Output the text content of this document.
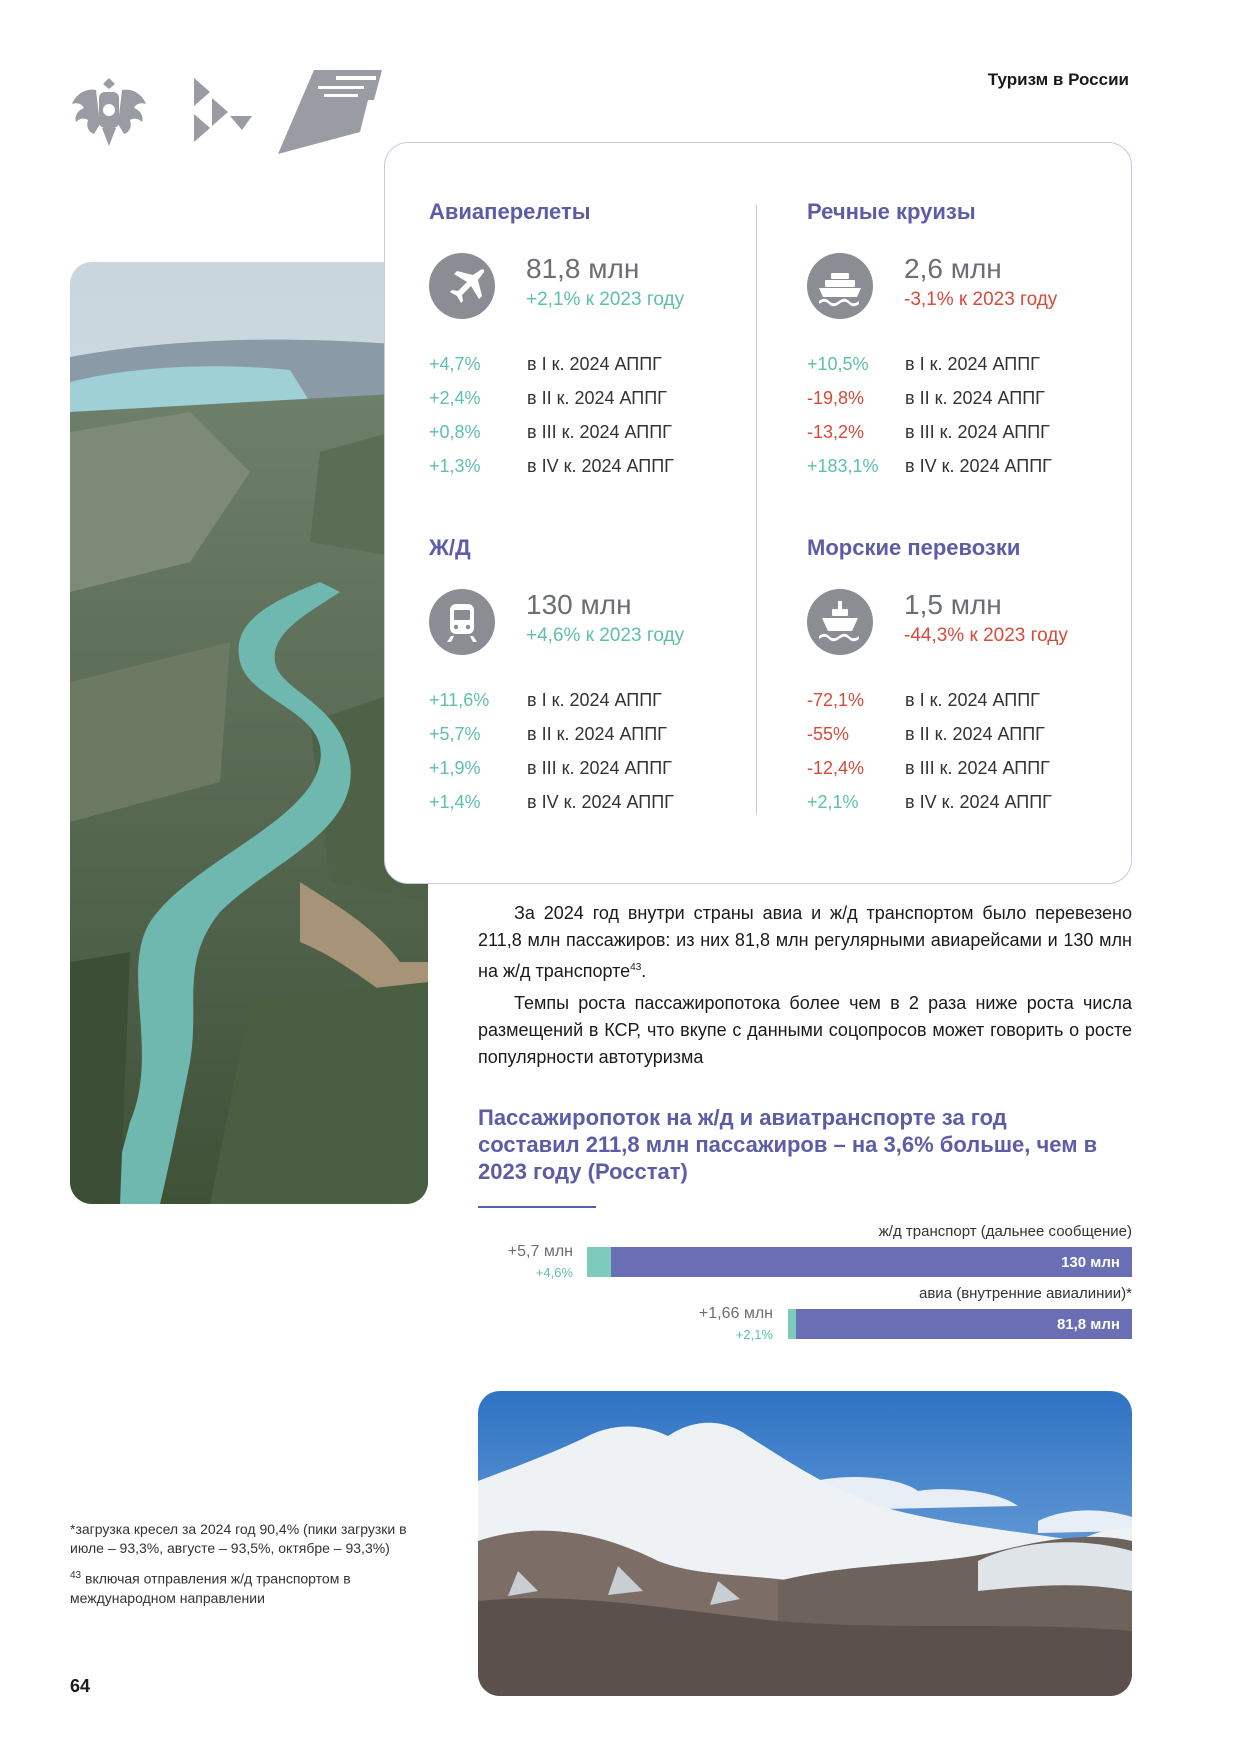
Туризм в России
Авиаперелеты
81,8 млн
+2,1% к 2023 году
+4,7%	в I к. 2024 АППГ
+2,4%	в II к. 2024 АППГ
+0,8%	в III к. 2024 АППГ
+1,3%	в IV к. 2024 АППГ
Речные круизы
2,6 млн
-3,1% к 2023 году
+10,5%	в I к. 2024 АППГ
-19,8%	в II к. 2024 АППГ
-13,2%	в III к. 2024 АППГ
+183,1%	в IV к. 2024 АППГ
Ж/Д
130 млн
+4,6% к 2023 году
+11,6%	в I к. 2024 АППГ
+5,7%	в II к. 2024 АППГ
+1,9%	в III к. 2024 АППГ
+1,4%	в IV к. 2024 АППГ
Морские перевозки
1,5 млн
-44,3% к 2023 году
-72,1%	в I к. 2024 АППГ
-55%	в II к. 2024 АППГ
-12,4%	в III к. 2024 АППГ
+2,1%	в IV к. 2024 АППГ

За 2024 год внутри страны авиа и ж/д транспортом было перевезено 211,8 млн пассажиров: из них 81,8 млн регулярными авиарейсами и 130 млн на ж/д транспорте$^{43}$.

Темпы роста пассажиропотока более чем в 2 раза ниже роста числа размещений в КСР, что вкупе с данными соцопросов может говорить о росте популярности автотуризма

Пассажиропоток на ж/д и авиатранспорте за год составил 211,8 млн пассажиров – на 3,6% больше, чем в 2023 году (Росстат)
ж/д транспорт (дальнее сообщение)
+5,7 млн
+4,6%
130 млн
авиа (внутренние авиалинии)*
+1,66 млн
+2,1%
81,8 млн

*загрузка кресел за 2024 год 90,4% (пики загрузки в июле – 93,3%, августе – 93,5%, октябре – 93,3%)

$^{43}$ включая отправления ж/д транспортом в международном направлении

64
